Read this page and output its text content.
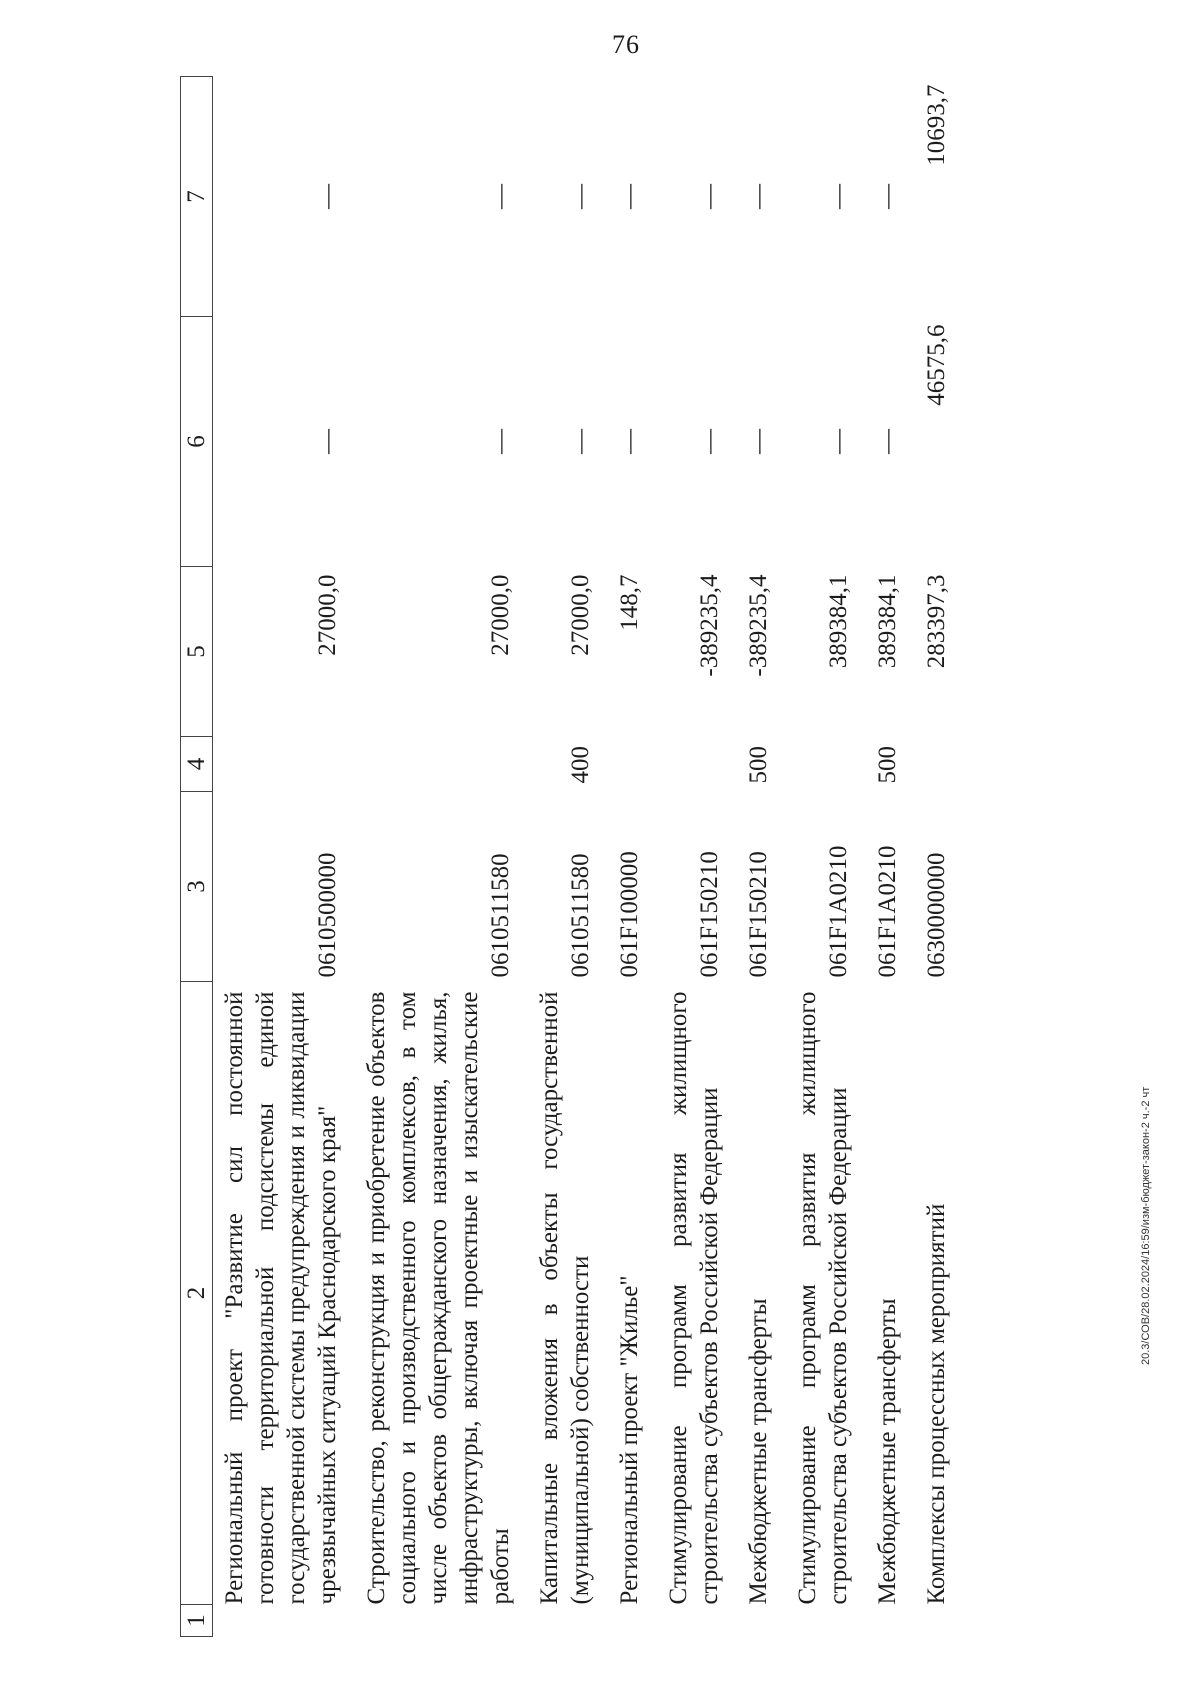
76
1	2	3	4	5	6	7
	Региональный проект "Развитие сил постоянной готовности территориальной подсистемы единой государственной системы предупреждения и ликвидации чрезвычайных ситуаций Краснодарского края"	0610500000		27000,0	—	—
	Строительство, реконструкция и приобретение объектов социального и производственного комплексов, в том числе объектов общегражданского назначения, жилья, инфраструктуры, включая проектные и изыскательские работы	0610511580		27000,0	—	—
	Капитальные вложения в объекты государственной (муниципальной) собственности	0610511580	400	27000,0	—	—
	Региональный проект "Жилье"	061F100000		148,7	—	—
	Стимулирование программ развития жилищного строительства субъектов Российской Федерации	061F150210		-389235,4	—	—
	Межбюджетные трансферты	061F150210	500	-389235,4	—	—
	Стимулирование программ развития жилищного строительства субъектов Российской Федерации	061F1A0210		389384,1	—	—
	Межбюджетные трансферты	061F1A0210	500	389384,1	—	—
	Комплексы процессных мероприятий	0630000000		283397,3	46575,6	10693,7
20.3/СОВ/28.02.2024/16:59/изм-бюджет-закон-2 ч.-2 чт
